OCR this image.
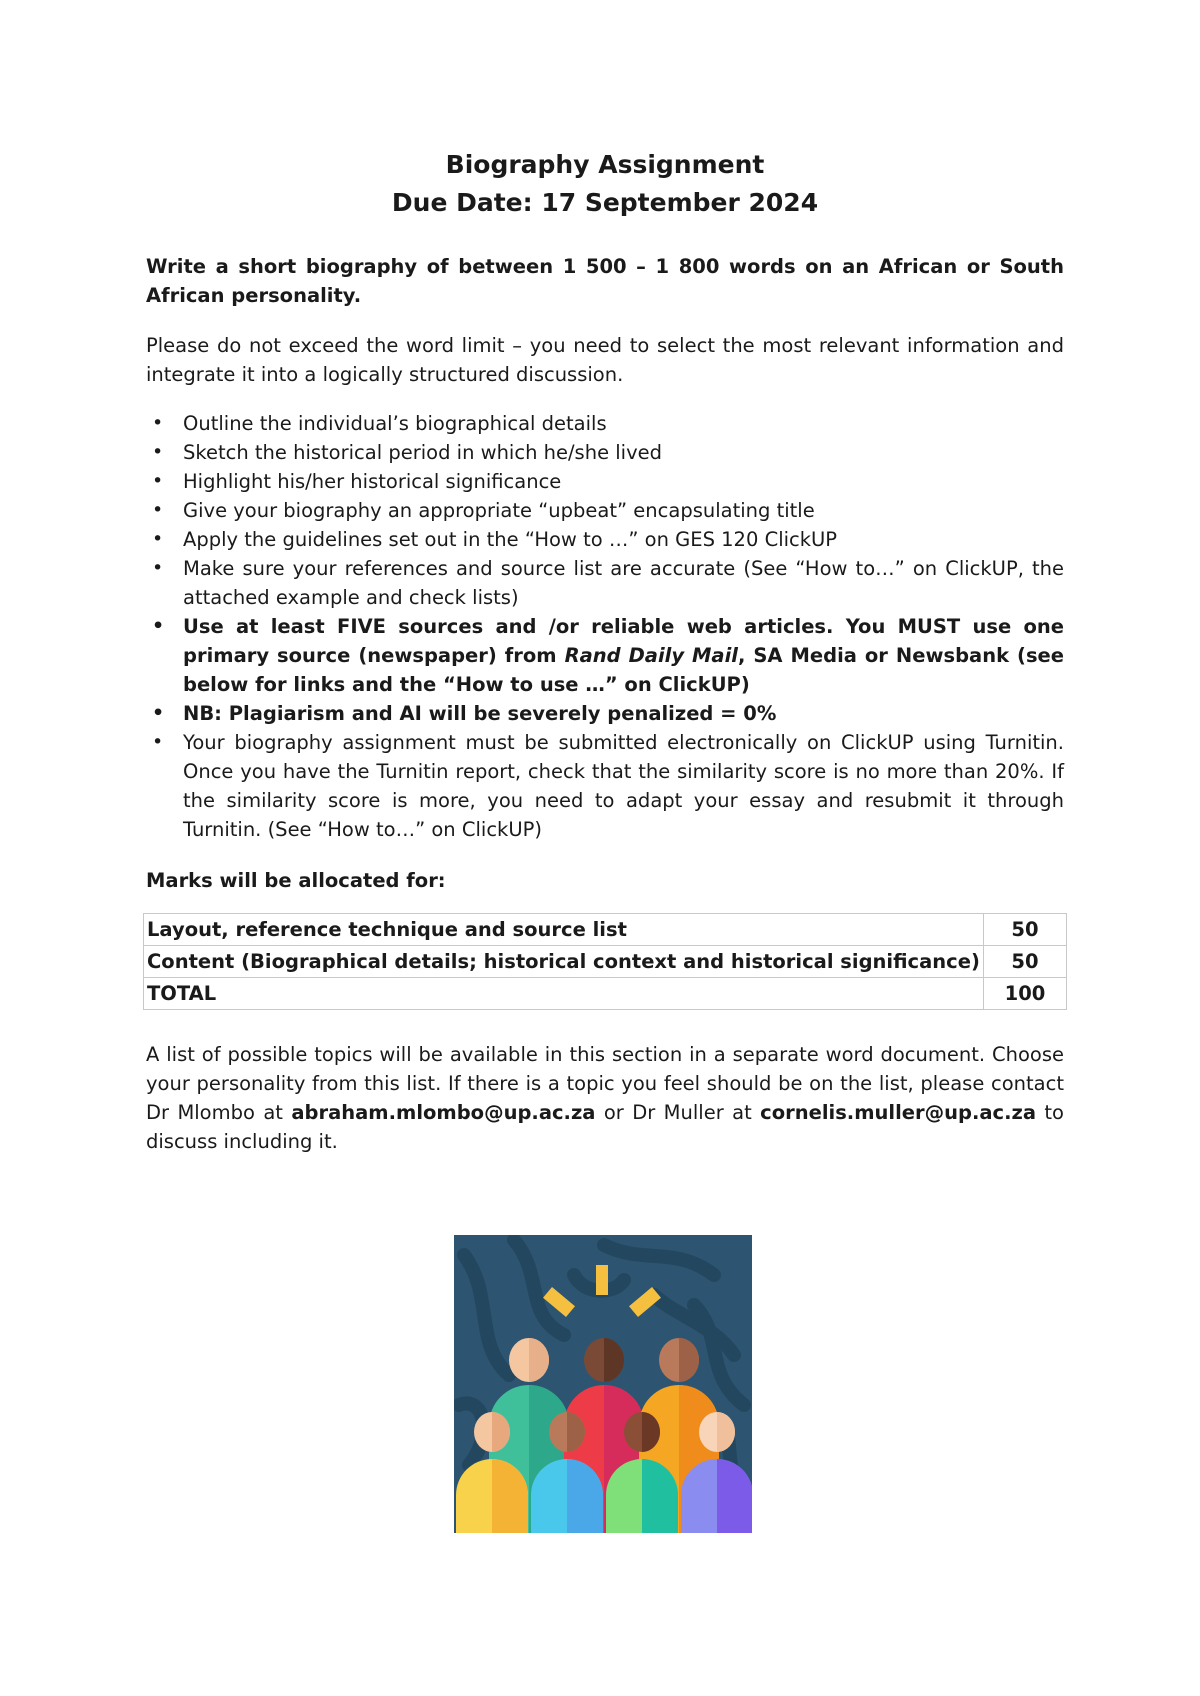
Biography Assignment
Due Date: 17 September 2024

Write a short biography of between 1 500 – 1 800 words on an African or South African personality.

Please do not exceed the word limit – you need to select the most relevant information and integrate it into a logically structured discussion.

• Outline the individual’s biographical details
• Sketch the historical period in which he/she lived
• Highlight his/her historical significance
• Give your biography an appropriate “upbeat” encapsulating title
• Apply the guidelines set out in the “How to …” on GES 120 ClickUP
• Make sure your references and source list are accurate (See “How to…” on ClickUP, the attached example and check lists)
• Use at least FIVE sources and /or reliable web articles. You MUST use one primary source (newspaper) from Rand Daily Mail, SA Media or Newsbank (see below for links and the “How to use …” on ClickUP)
• NB: Plagiarism and AI will be severely penalized = 0%
• Your biography assignment must be submitted electronically on ClickUP using Turnitin. Once you have the Turnitin report, check that the similarity score is no more than 20%. If the similarity score is more, you need to adapt your essay and resubmit it through Turnitin. (See “How to…” on ClickUP)
Marks will be allocated for:
Layout, reference technique and source list	50
Content (Biographical details; historical context and historical significance)	50
TOTAL	100

A list of possible topics will be available in this section in a separate word document. Choose your personality from this list. If there is a topic you feel should be on the list, please contact Dr Mlombo at abraham.mlombo@up.ac.za or Dr Muller at cornelis.muller@up.ac.za to discuss including it.
